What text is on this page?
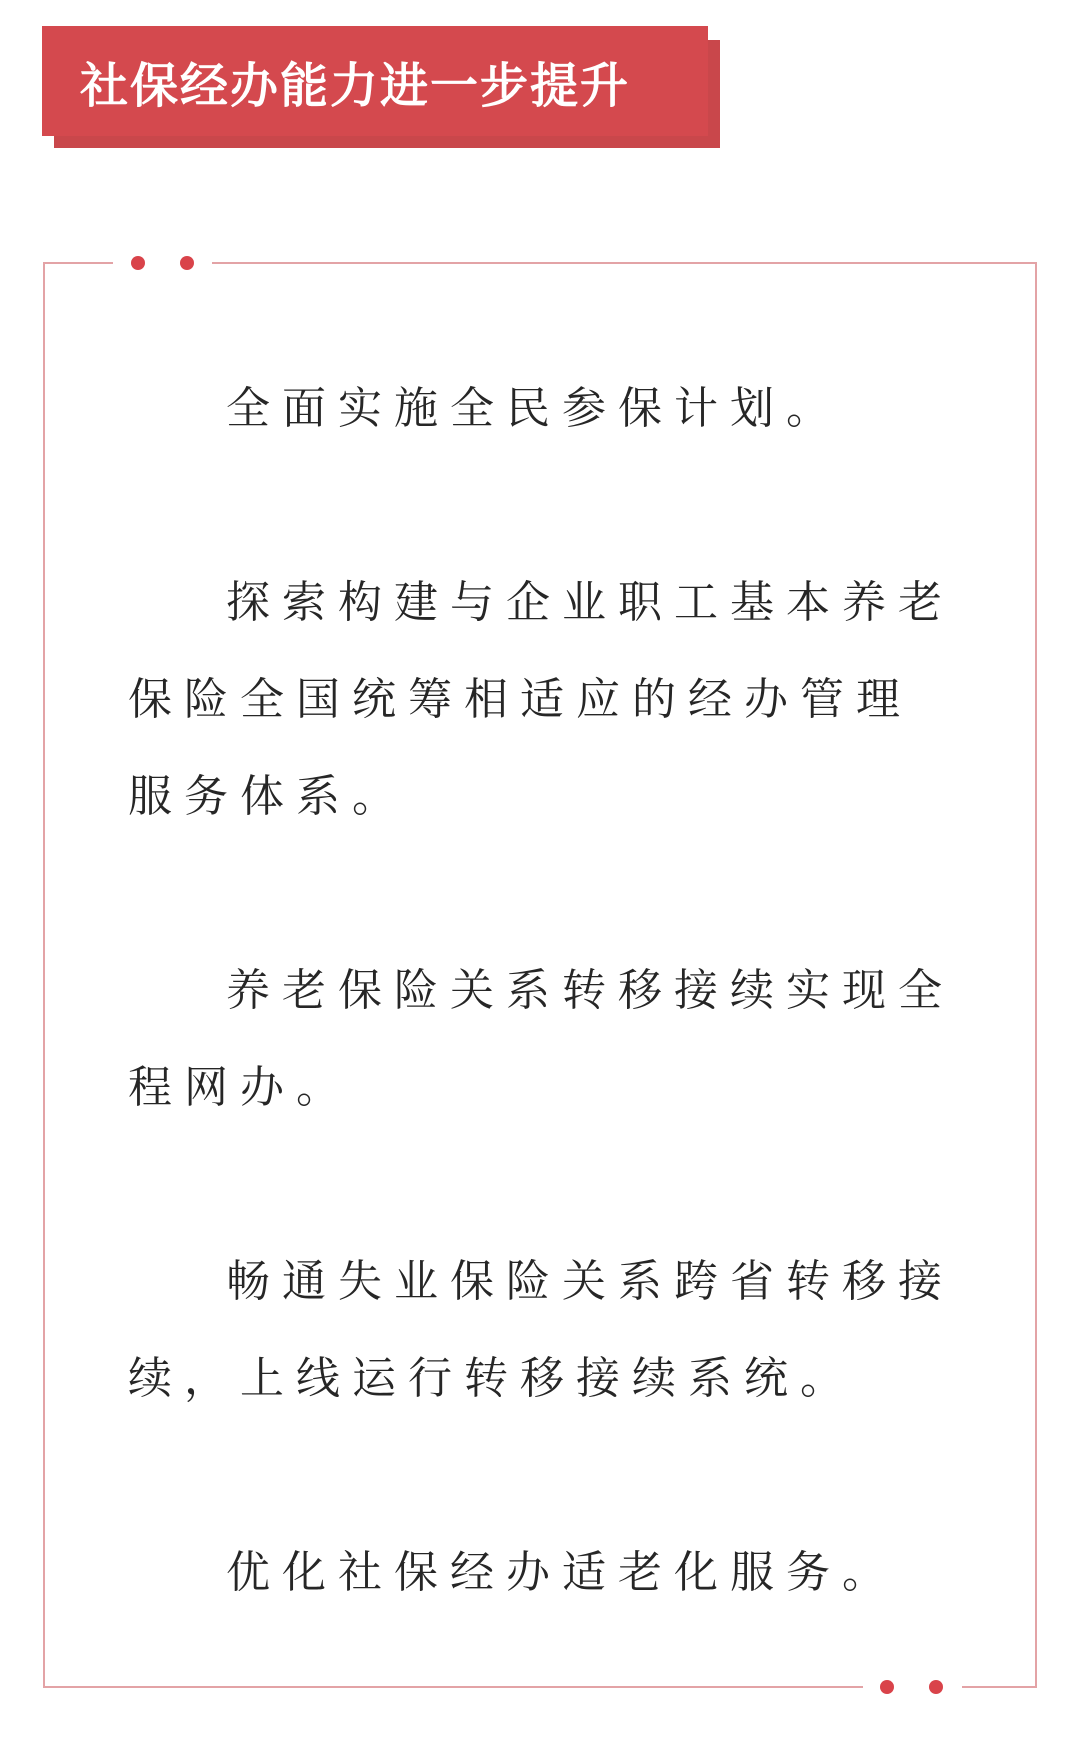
社保经办能力进一步提升

全面实施全民参保计划。

探索构建与企业职工基本养老保险全国统筹相适应的经办管理服务体系。

养老保险关系转移接续实现全程网办。

畅通失业保险关系跨省转移接续，上线运行转移接续系统。

优化社保经办适老化服务。
